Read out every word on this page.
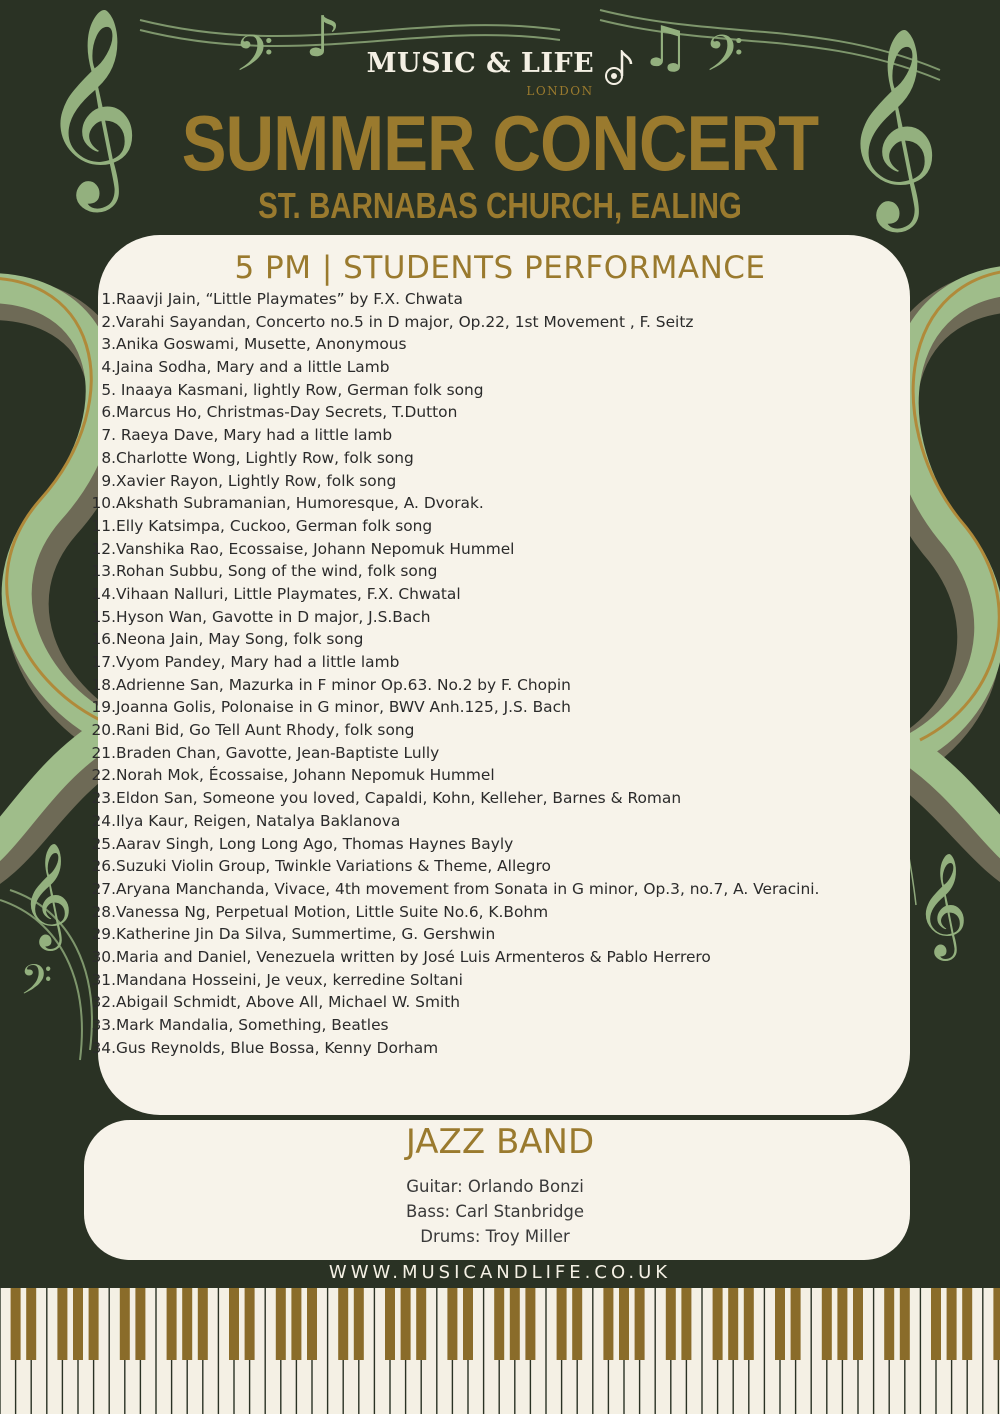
𝄞	𝄞
𝄢	𝄢
♪	♫
𝄞
𝄞
𝄢
MUSIC & LIFE
LONDON
SUMMER CONCERT
ST. BARNABAS CHURCH, EALING
5 PM | STUDENTS PERFORMANCE
1.Raavji Jain, “Little Playmates” by F.X. Chwata
2.Varahi Sayandan, Concerto no.5 in D major, Op.22, 1st Movement , F. Seitz
3.Anika Goswami, Musette, Anonymous
4.Jaina Sodha, Mary and a little Lamb
5. Inaaya Kasmani, lightly Row, German folk song
6.Marcus Ho, Christmas-Day Secrets, T.Dutton
7. Raeya Dave, Mary had a little lamb
8.Charlotte Wong, Lightly Row, folk song
9.Xavier Rayon, Lightly Row, folk song
10.Akshath Subramanian, Humoresque, A. Dvorak.
11.Elly Katsimpa, Cuckoo, German folk song
12.Vanshika Rao, Ecossaise, Johann Nepomuk Hummel
13.Rohan Subbu, Song of the wind, folk song
14.Vihaan Nalluri, Little Playmates, F.X. Chwatal
15.Hyson Wan, Gavotte in D major, J.S.Bach
16.Neona Jain, May Song, folk song
17.Vyom Pandey, Mary had a little lamb
18.Adrienne San, Mazurka in F minor Op.63. No.2 by F. Chopin
19.Joanna Golis, Polonaise in G minor, BWV Anh.125, J.S. Bach
20.Rani Bid, Go Tell Aunt Rhody, folk song
21.Braden Chan, Gavotte, Jean-Baptiste Lully
22.Norah Mok, Écossaise, Johann Nepomuk Hummel
23.Eldon San, Someone you loved, Capaldi, Kohn, Kelleher, Barnes & Roman
24.Ilya Kaur, Reigen, Natalya Baklanova
25.Aarav Singh, Long Long Ago, Thomas Haynes Bayly
26.Suzuki Violin Group, Twinkle Variations & Theme, Allegro
27.Aryana Manchanda, Vivace, 4th movement from Sonata in G minor, Op.3, no.7, A. Veracini.
28.Vanessa Ng, Perpetual Motion, Little Suite No.6, K.Bohm
29.Katherine Jin Da Silva, Summertime, G. Gershwin
30.Maria and Daniel, Venezuela written by José Luis Armenteros & Pablo Herrero
31.Mandana Hosseini, Je veux, kerredine Soltani
32.Abigail Schmidt, Above All, Michael W. Smith
33.Mark Mandalia, Something, Beatles
34.Gus Reynolds, Blue Bossa, Kenny Dorham
JAZZ BAND
Guitar: Orlando Bonzi
Bass: Carl Stanbridge
Drums: Troy Miller
WWW.MUSICANDLIFE.CO.UK
